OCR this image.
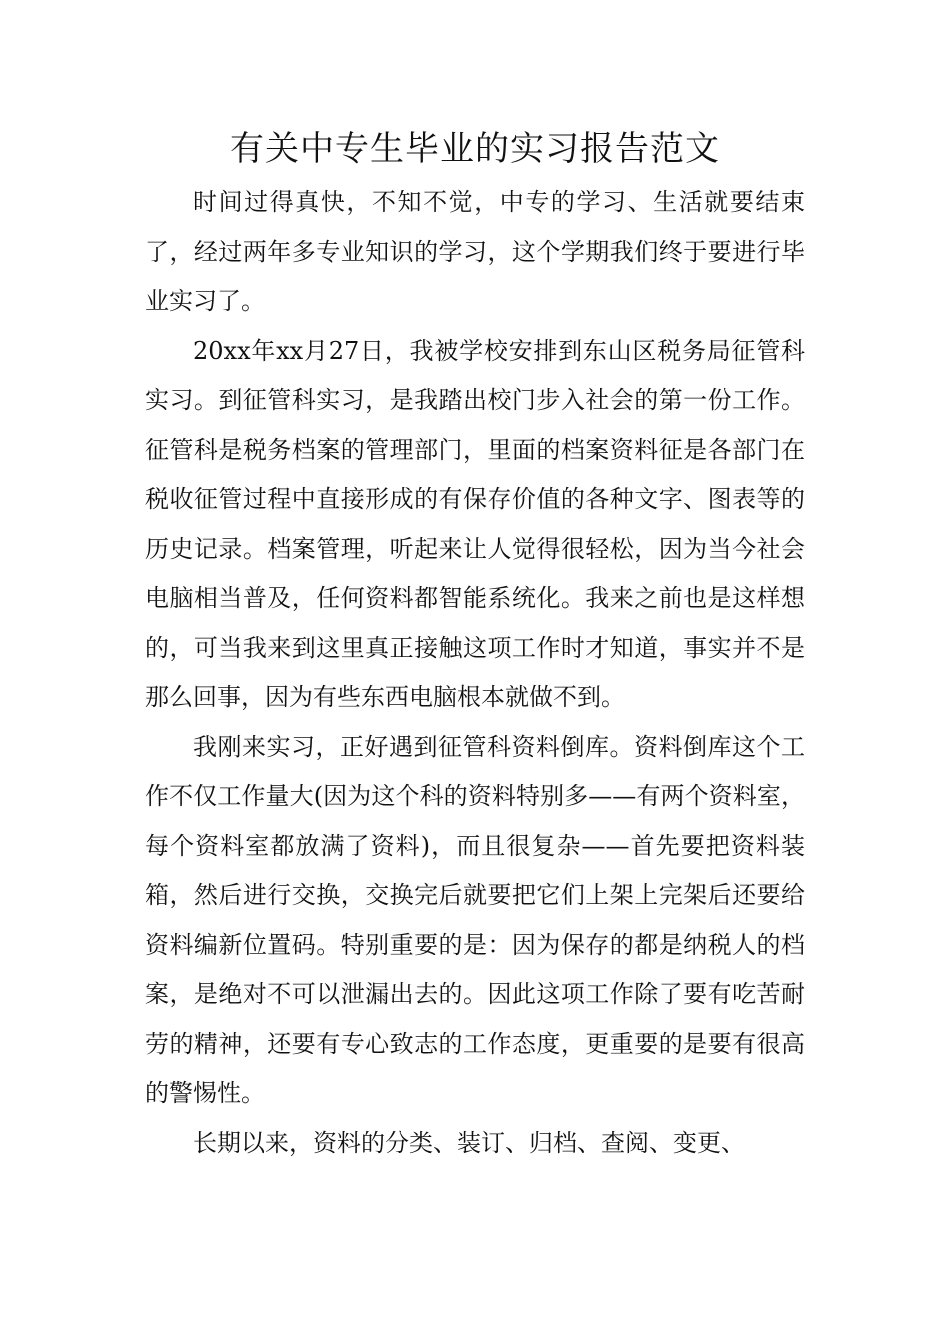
有关中专生毕业的实习报告范文

时间过得真快，不知不觉，中专的学习、生活就要结束了，经过两年多专业知识的学习，这个学期我们终于要进行毕业实习了。

20xx年xx月27日，我被学校安排到东山区税务局征管科实习。到征管科实习，是我踏出校门步入社会的第一份工作。征管科是税务档案的管理部门，里面的档案资料征是各部门在税收征管过程中直接形成的有保存价值的各种文字、图表等的历史记录。档案管理，听起来让人觉得很轻松，因为当今社会电脑相当普及，任何资料都智能系统化。我来之前也是这样想的，可当我来到这里真正接触这项工作时才知道，事实并不是那么回事，因为有些东西电脑根本就做不到。

我刚来实习，正好遇到征管科资料倒库。资料倒库这个工作不仅工作量大(因为这个科的资料特别多——有两个资料室，每个资料室都放满了资料)，而且很复杂——首先要把资料装箱，然后进行交换，交换完后就要把它们上架上完架后还要给资料编新位置码。特别重要的是：因为保存的都是纳税人的档案，是绝对不可以泄漏出去的。因此这项工作除了要有吃苦耐劳的精神，还要有专心致志的工作态度，更重要的是要有很高的警惕性。

长期以来，资料的分类、装订、归档、查阅、变更、
